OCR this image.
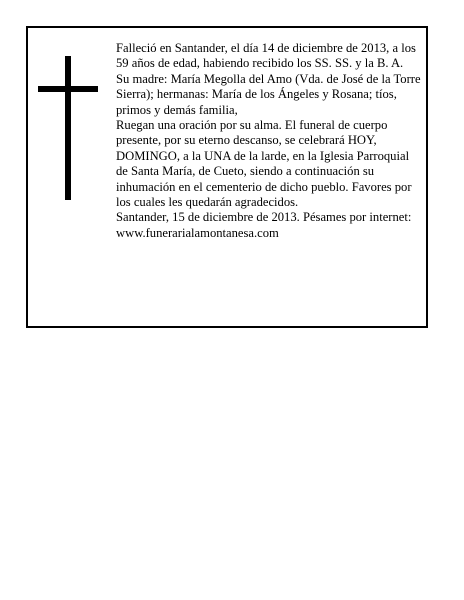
Falleció en Santander, el día 14 de diciembre de 2013, a los 59 años de edad, habiendo recibido los SS. SS. y la B. A.

Su madre: María Megolla del Amo (Vda. de José de la Torre Sierra); hermanas: María de los Ángeles y Rosana; tíos, primos y demás familia,

Ruegan una oración por su alma. El funeral de cuerpo presente, por su eterno descanso, se celebrará HOY, DOMINGO, a la UNA de la larde, en la Iglesia Parroquial de Santa María, de Cueto, siendo a continuación su inhumación en el cementerio de dicho pueblo. Favores por los cuales les quedarán agradecidos.

Santander, 15 de diciembre de 2013. Pésames por internet: www.funerarialamontanesa.com
